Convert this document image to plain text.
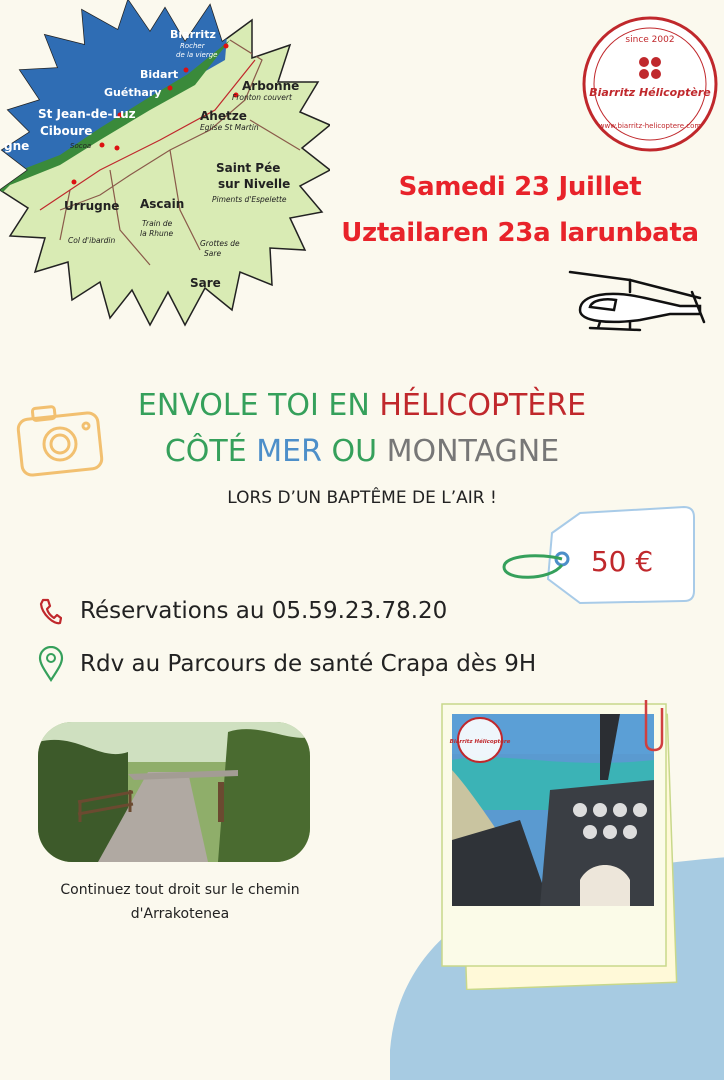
Biarritz
Bidart
Guéthary
St Jean-de-Luz
Ciboure
gne
Rocher
de la vierge
Socoa
Arbonne
Ahetze
Saint Pée
sur Nivelle
Urrugne Ascain
Sare
Fronton couvert
Eglise St Martin
Piments d'Espelette
Train de
la Rhune
Col d'ibardin	Grottes de
Sare
since 2002
Biarritz Hélicoptère
www.biarritz-helicoptere.com
Samedi 23 Juillet
Uztailaren 23a larunbata
ENVOLE TOI EN HÉLICOPTÈRE
CÔTÉ MER OU MONTAGNE
LORS D’UN BAPTÊME DE L’AIR !
50 €
Réservations au 05.59.23.78.20
Rdv au Parcours de santé Crapa dès 9H
Continuez tout droit sur le chemin
d'Arrakotenea
Biarritz Hélicoptère
